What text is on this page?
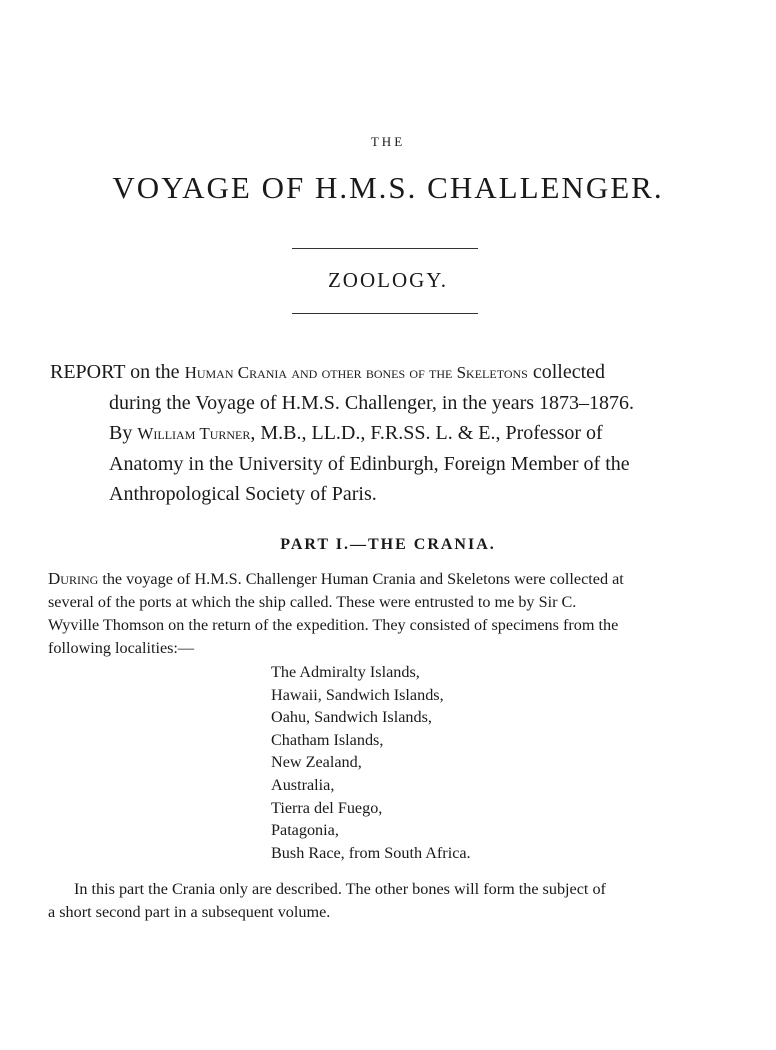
THE
VOYAGE OF H.M.S. CHALLENGER.
ZOOLOGY.
REPORT on the Human Crania and other bones of the Skeletons collected
during the Voyage of H.M.S. Challenger, in the years 1873–1876.
By William Turner, M.B., LL.D., F.R.SS. L. & E., Professor of
Anatomy in the University of Edinburgh, Foreign Member of the
Anthropological Society of Paris.
PART I.—THE CRANIA.
During the voyage of H.M.S. Challenger Human Crania and Skeletons were collected at
several of the ports at which the ship called. These were entrusted to me by Sir C.
Wyville Thomson on the return of the expedition. They consisted of specimens from the
following localities:—
The Admiralty Islands,
Hawaii, Sandwich Islands,
Oahu, Sandwich Islands,
Chatham Islands,
New Zealand,
Australia,
Tierra del Fuego,
Patagonia,
Bush Race, from South Africa.
In this part the Crania only are described. The other bones will form the subject of
a short second part in a subsequent volume.
